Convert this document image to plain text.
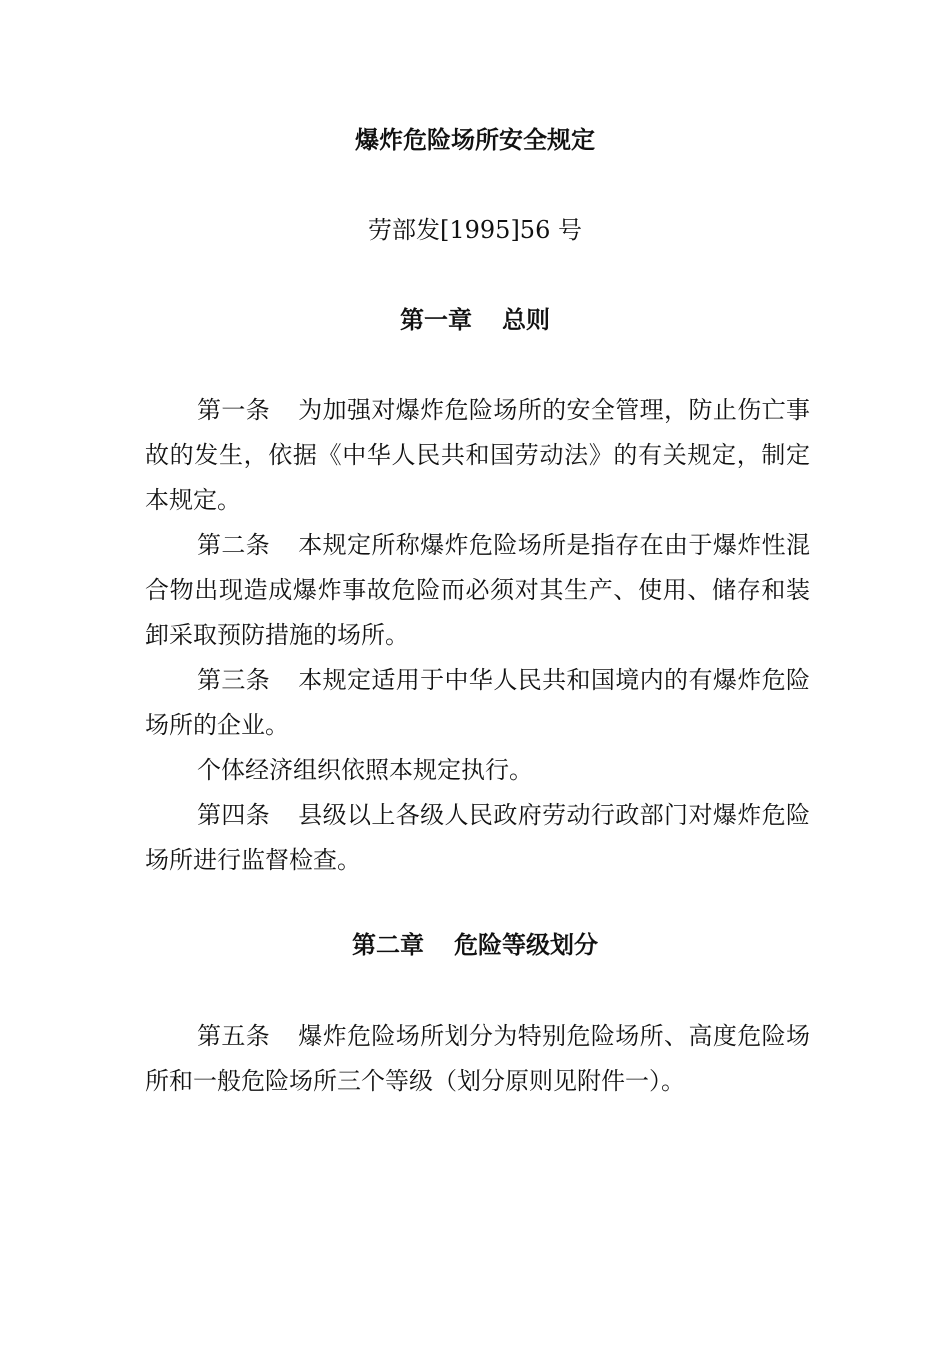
爆炸危险场所安全规定
劳部发[1995]56 号
第一章 总则

第一条 为加强对爆炸危险场所的安全管理，防止伤亡事故的发生，依据《中华人民共和国劳动法》的有关规定，制定本规定。

第二条 本规定所称爆炸危险场所是指存在由于爆炸性混合物出现造成爆炸事故危险而必须对其生产、使用、储存和装卸采取预防措施的场所。

第三条 本规定适用于中华人民共和国境内的有爆炸危险场所的企业。

个体经济组织依照本规定执行。

第四条 县级以上各级人民政府劳动行政部门对爆炸危险场所进行监督检查。

第二章 危险等级划分

第五条 爆炸危险场所划分为特别危险场所、高度危险场所和一般危险场所三个等级（划分原则见附件一）。
